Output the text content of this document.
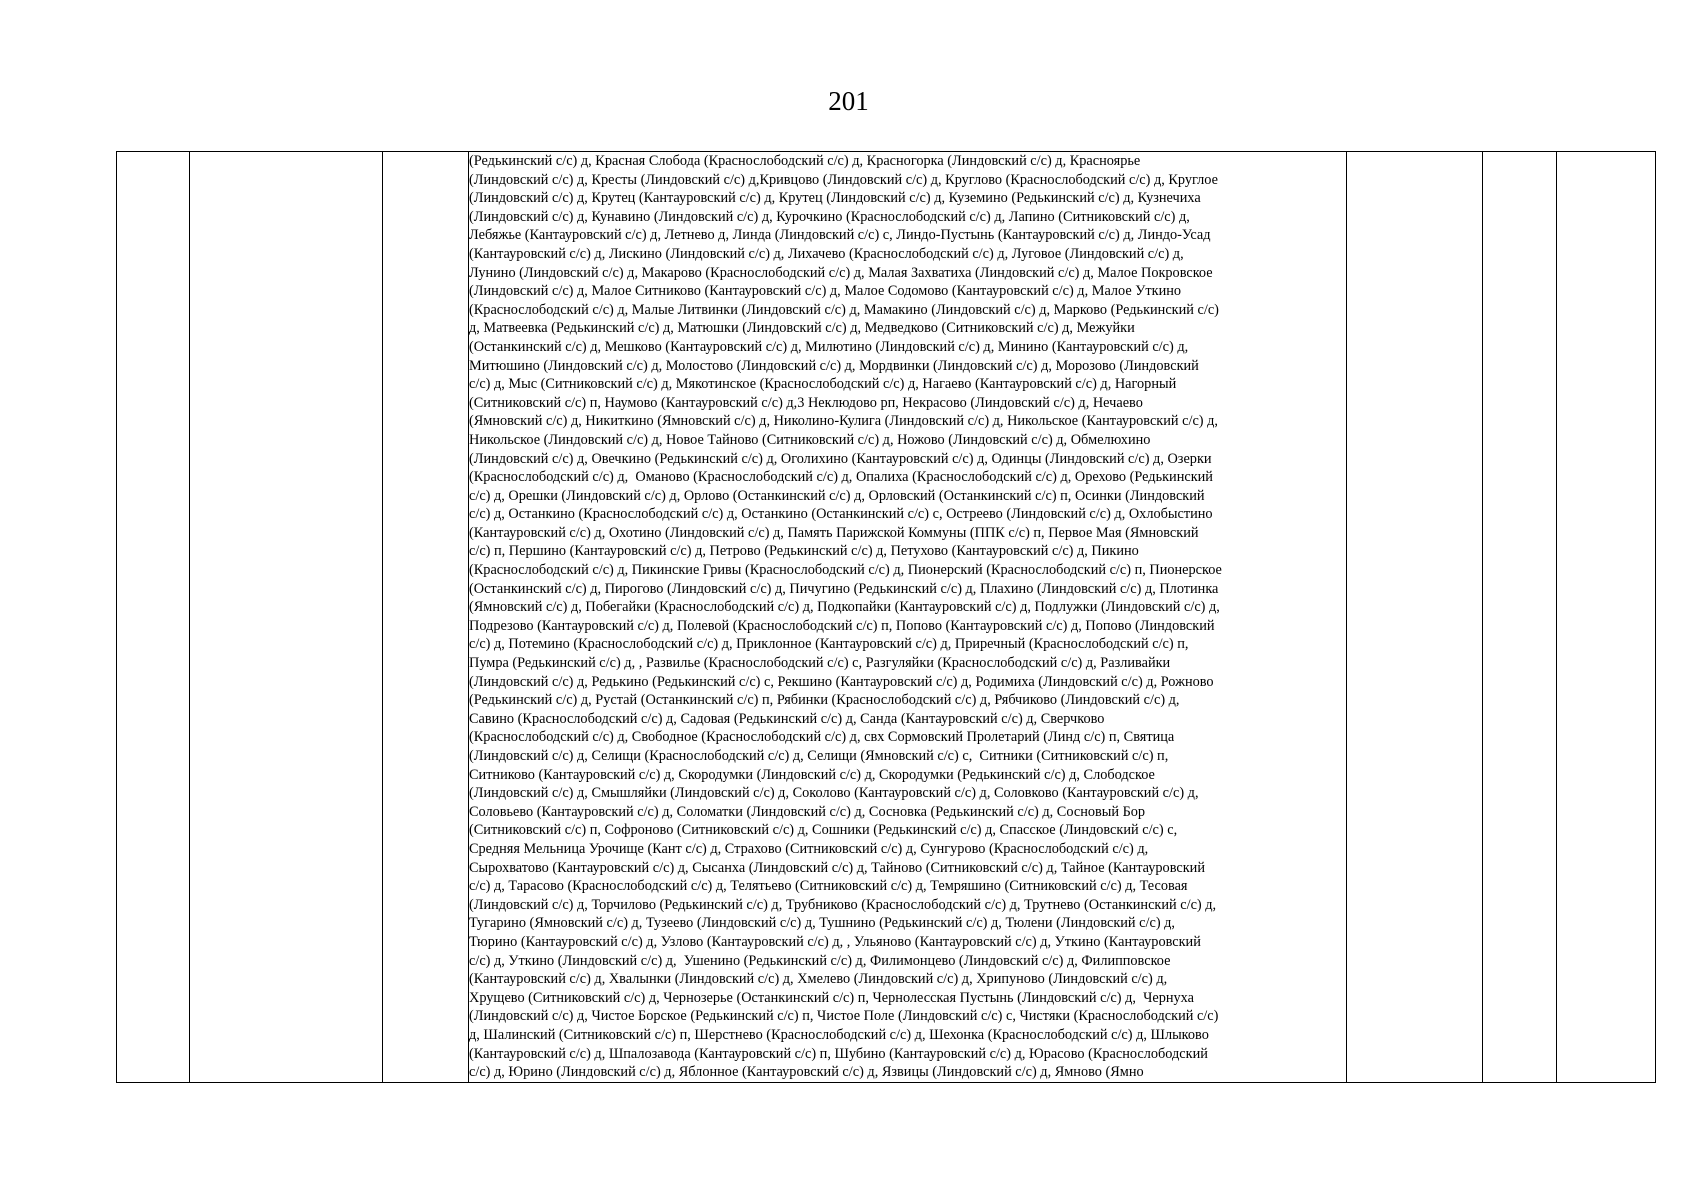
201

(Редькинский с/с) д, Красная Слобода (Краснослободский с/с) д, Красногорка (Линдовский с/с) д, Красноярье
(Линдовский с/с) д, Кресты (Линдовский с/с) д,Кривцово (Линдовский с/с) д, Круглово (Краснослободский с/с) д, Круглое
(Линдовский с/с) д, Крутец (Кантауровский с/с) д, Крутец (Линдовский с/с) д, Куземино (Редькинский с/с) д, Кузнечиха
(Линдовский с/с) д, Кунавино (Линдовский с/с) д, Курочкино (Краснослободский с/с) д, Лапино (Ситниковский с/с) д,
Лебяжье (Кантауровский с/с) д, Летнево д, Линда (Линдовский с/с) с, Линдо-Пустынь (Кантауровский с/с) д, Линдо-Усад
(Кантауровский с/с) д, Лискино (Линдовский с/с) д, Лихачево (Краснослободский с/с) д, Луговое (Линдовский с/с) д,
Лунино (Линдовский с/с) д, Макарово (Краснослободский с/с) д, Малая Захватиха (Линдовский с/с) д, Малое Покровское
(Линдовский с/с) д, Малое Ситниково (Кантауровский с/с) д, Малое Содомово (Кантауровский с/с) д, Малое Уткино
(Краснослободский с/с) д, Малые Литвинки (Линдовский с/с) д, Мамакино (Линдовский с/с) д, Марково (Редькинский с/с)
д, Матвеевка (Редькинский с/с) д, Матюшки (Линдовский с/с) д, Медведково (Ситниковский с/с) д, Межуйки
(Останкинский с/с) д, Мешково (Кантауровский с/с) д, Милютино (Линдовский с/с) д, Минино (Кантауровский с/с) д,
Митюшино (Линдовский с/с) д, Молостово (Линдовский с/с) д, Мордвинки (Линдовский с/с) д, Морозово (Линдовский
с/с) д, Мыс (Ситниковский с/с) д, Мякотинское (Краснослободский с/с) д, Нагаево (Кантауровский с/с) д, Нагорный
(Ситниковский с/с) п, Наумово (Кантауровский с/с) д,3 Неклюдово рп, Некрасово (Линдовский с/с) д, Нечаево
(Ямновский с/с) д, Никиткино (Ямновский с/с) д, Николино-Кулига (Линдовский с/с) д, Никольское (Кантауровский с/с) д,
Никольское (Линдовский с/с) д, Новое Тайново (Ситниковский с/с) д, Ножово (Линдовский с/с) д, Обмелюхино
(Линдовский с/с) д, Овечкино (Редькинский с/с) д, Оголихино (Кантауровский с/с) д, Одинцы (Линдовский с/с) д, Озерки
(Краснослободский с/с) д,  Оманово (Краснослободский с/с) д, Опалиха (Краснослободский с/с) д, Орехово (Редькинский
с/с) д, Орешки (Линдовский с/с) д, Орлово (Останкинский с/с) д, Орловский (Останкинский с/с) п, Осинки (Линдовский
с/с) д, Останкино (Краснослободский с/с) д, Останкино (Останкинский с/с) с, Остреево (Линдовский с/с) д, Охлобыстино
(Кантауровский с/с) д, Охотино (Линдовский с/с) д, Память Парижской Коммуны (ППК с/с) п, Первое Мая (Ямновский
с/с) п, Першино (Кантауровский с/с) д, Петрово (Редькинский с/с) д, Петухово (Кантауровский с/с) д, Пикино
(Краснослободский с/с) д, Пикинские Гривы (Краснослободский с/с) д, Пионерский (Краснослободский с/с) п, Пионерское
(Останкинский с/с) д, Пирогово (Линдовский с/с) д, Пичугино (Редькинский с/с) д, Плахино (Линдовский с/с) д, Плотинка
(Ямновский с/с) д, Побегайки (Краснослободский с/с) д, Подкопайки (Кантауровский с/с) д, Подлужки (Линдовский с/с) д,
Подрезово (Кантауровский с/с) д, Полевой (Краснослободский с/с) п, Попово (Кантауровский с/с) д, Попово (Линдовский
с/с) д, Потемино (Краснослободский с/с) д, Приклонное (Кантауровский с/с) д, Приречный (Краснослободский с/с) п,
Пумра (Редькинский с/с) д, , Развилье (Краснослободский с/с) с, Разгуляйки (Краснослободский с/с) д, Разливайки
(Линдовский с/с) д, Редькино (Редькинский с/с) с, Рекшино (Кантауровский с/с) д, Родимиха (Линдовский с/с) д, Рожново
(Редькинский с/с) д, Рустай (Останкинский с/с) п, Рябинки (Краснослободский с/с) д, Рябчиково (Линдовский с/с) д,
Савино (Краснослободский с/с) д, Садовая (Редькинский с/с) д, Санда (Кантауровский с/с) д, Сверчково
(Краснослободский с/с) д, Свободное (Краснослободский с/с) д, свх Сормовский Пролетарий (Линд с/с) п, Святица
(Линдовский с/с) д, Селищи (Краснослободский с/с) д, Селищи (Ямновский с/с) с,  Ситники (Ситниковский с/с) п,
Ситниково (Кантауровский с/с) д, Скородумки (Линдовский с/с) д, Скородумки (Редькинский с/с) д, Слободское
(Линдовский с/с) д, Смышляйки (Линдовский с/с) д, Соколово (Кантауровский с/с) д, Соловково (Кантауровский с/с) д,
Соловьево (Кантауровский с/с) д, Соломатки (Линдовский с/с) д, Сосновка (Редькинский с/с) д, Сосновый Бор
(Ситниковский с/с) п, Софроново (Ситниковский с/с) д, Сошники (Редькинский с/с) д, Спасское (Линдовский с/с) с,
Средняя Мельница Урочище (Кант с/с) д, Страхово (Ситниковский с/с) д, Сунгурово (Краснослободский с/с) д,
Сырохватово (Кантауровский с/с) д, Сысанха (Линдовский с/с) д, Тайново (Ситниковский с/с) д, Тайное (Кантауровский
с/с) д, Тарасово (Краснослободский с/с) д, Телятьево (Ситниковский с/с) д, Темряшино (Ситниковский с/с) д, Тесовая
(Линдовский с/с) д, Торчилово (Редькинский с/с) д, Трубниково (Краснослободский с/с) д, Трутнево (Останкинский с/с) д,
Тугарино (Ямновский с/с) д, Тузеево (Линдовский с/с) д, Тушнино (Редькинский с/с) д, Тюлени (Линдовский с/с) д,
Тюрино (Кантауровский с/с) д, Узлово (Кантауровский с/с) д, , Ульяново (Кантауровский с/с) д, Уткино (Кантауровский
с/с) д, Уткино (Линдовский с/с) д,  Ушенино (Редькинский с/с) д, Филимонцево (Линдовский с/с) д, Филипповское
(Кантауровский с/с) д, Хвалынки (Линдовский с/с) д, Хмелево (Линдовский с/с) д, Хрипуново (Линдовский с/с) д,
Хрущево (Ситниковский с/с) д, Чернозерье (Останкинский с/с) п, Чернолесская Пустынь (Линдовский с/с) д,  Чернуха
(Линдовский с/с) д, Чистое Борское (Редькинский с/с) п, Чистое Поле (Линдовский с/с) с, Чистяки (Краснослободский с/с)
д, Шалинский (Ситниковский с/с) п, Шерстнево (Краснослободский с/с) д, Шехонка (Краснослободский с/с) д, Шлыково
(Кантауровский с/с) д, Шпалозавода (Кантауровский с/с) п, Шубино (Кантауровский с/с) д, Юрасово (Краснослободский
с/с) д, Юрино (Линдовский с/с) д, Яблонное (Кантауровский с/с) д, Язвицы (Линдовский с/с) д, Ямново (Ямно
